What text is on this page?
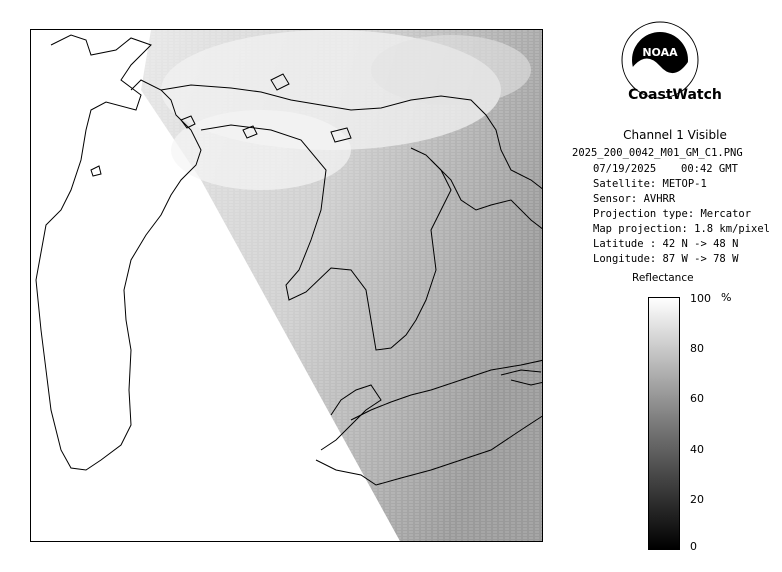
NOAA
CoastWatch
Channel 1 Visible
2025_200_0042_M01_GM_C1.PNG
07/19/2025 00:42 GMT
Satellite: METOP-1
Sensor: AVHRR
Projection type: Mercator
Map projection: 1.8 km/pixel
Latitude : 42 N -> 48 N
Longitude: 87 W -> 78 W
Reflectance
%
100
80
60
40
20
0
